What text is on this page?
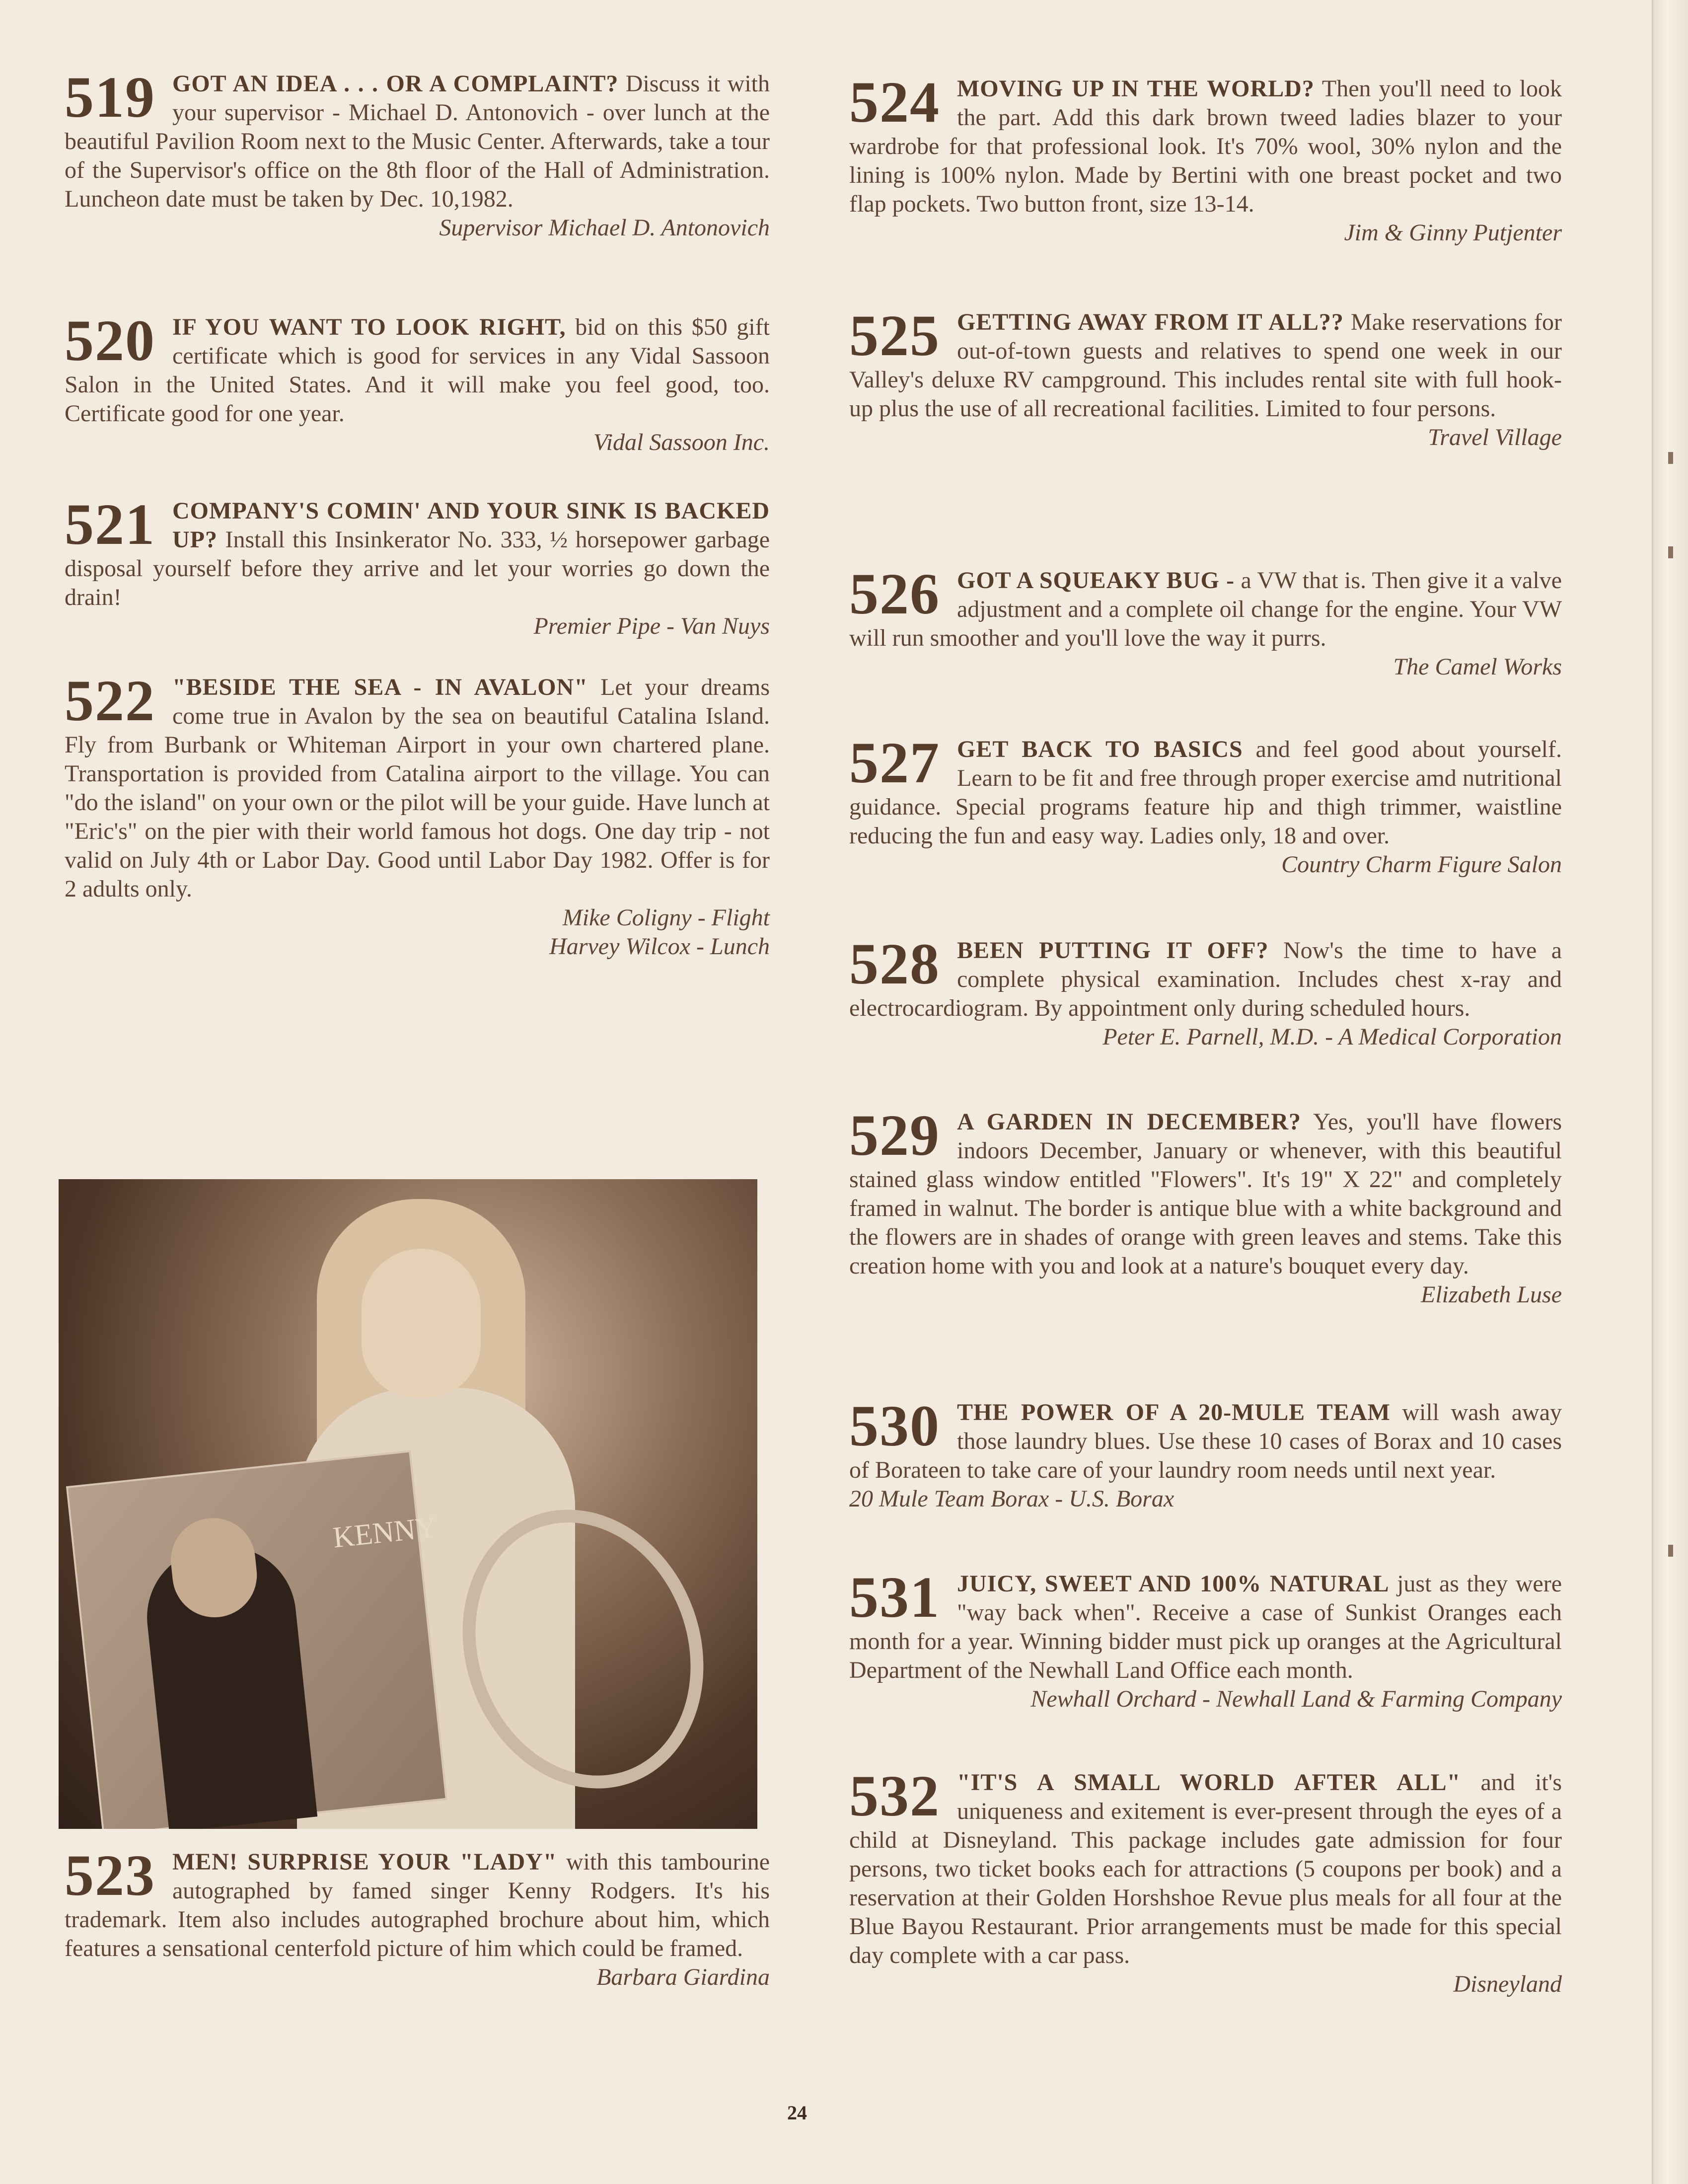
519 GOT AN IDEA . . . OR A COMPLAINT? Discuss it with your supervisor - Michael D. Antonovich - over lunch at the beautiful Pavilion Room next to the Music Center. Afterwards, take a tour of the Supervisor's office on the 8th floor of the Hall of Administration. Luncheon date must be taken by Dec. 10,1982.
Supervisor Michael D. Antonovich
520 IF YOU WANT TO LOOK RIGHT, bid on this $50 gift certificate which is good for services in any Vidal Sassoon Salon in the United States. And it will make you feel good, too. Certificate good for one year.
Vidal Sassoon Inc.
521 COMPANY'S COMIN' AND YOUR SINK IS BACKED UP? Install this Insinkerator No. 333, ½ horsepower garbage disposal yourself before they arrive and let your worries go down the drain!
Premier Pipe - Van Nuys
522 "BESIDE THE SEA - IN AVALON" Let your dreams come true in Avalon by the sea on beautiful Catalina Island. Fly from Burbank or Whiteman Airport in your own chartered plane. Transportation is provided from Catalina airport to the village. You can "do the island" on your own or the pilot will be your guide. Have lunch at "Eric's" on the pier with their world famous hot dogs. One day trip - not valid on July 4th or Labor Day. Good until Labor Day 1982. Offer is for 2 adults only.
Mike Coligny - Flight
Harvey Wilcox - Lunch
KENNY
523 MEN! SURPRISE YOUR "LADY" with this tambourine autographed by famed singer Kenny Rodgers. It's his trademark. Item also includes autographed brochure about him, which features a sensational centerfold picture of him which could be framed.
Barbara Giardina
524 MOVING UP IN THE WORLD? Then you'll need to look the part. Add this dark brown tweed ladies blazer to your wardrobe for that professional look. It's 70% wool, 30% nylon and the lining is 100% nylon. Made by Bertini with one breast pocket and two flap pockets. Two button front, size 13-14.
Jim & Ginny Putjenter
525 GETTING AWAY FROM IT ALL?? Make reservations for out-of-town guests and relatives to spend one week in our Valley's deluxe RV campground. This includes rental site with full hook-up plus the use of all recreational facilities. Limited to four persons.
Travel Village
526 GOT A SQUEAKY BUG - a VW that is. Then give it a valve adjustment and a complete oil change for the engine. Your VW will run smoother and you'll love the way it purrs.
The Camel Works
527 GET BACK TO BASICS and feel good about yourself. Learn to be fit and free through proper exercise amd nutritional guidance. Special programs feature hip and thigh trimmer, waistline reducing the fun and easy way. Ladies only, 18 and over.
Country Charm Figure Salon
528 BEEN PUTTING IT OFF? Now's the time to have a complete physical examination. Includes chest x-ray and electrocardiogram. By appointment only during scheduled hours.
Peter E. Parnell, M.D. - A Medical Corporation
529 A GARDEN IN DECEMBER? Yes, you'll have flowers indoors December, January or whenever, with this beautiful stained glass window entitled "Flowers". It's 19" X 22" and completely framed in walnut. The border is antique blue with a white background and the flowers are in shades of orange with green leaves and stems. Take this creation home with you and look at a nature's bouquet every day.
Elizabeth Luse
530 THE POWER OF A 20-MULE TEAM will wash away those laundry blues. Use these 10 cases of Borax and 10 cases of Borateen to take care of your laundry room needs until next year.
20 Mule Team Borax - U.S. Borax
531 JUICY, SWEET AND 100% NATURAL just as they were "way back when". Receive a case of Sunkist Oranges each month for a year. Winning bidder must pick up oranges at the Agricultural Department of the Newhall Land Office each month.
Newhall Orchard - Newhall Land & Farming Company
532 "IT'S A SMALL WORLD AFTER ALL" and it's uniqueness and exitement is ever-present through the eyes of a child at Disneyland. This package includes gate admission for four persons, two ticket books each for attractions (5 coupons per book) and a reservation at their Golden Horshshoe Revue plus meals for all four at the Blue Bayou Restaurant. Prior arrangements must be made for this special day complete with a car pass.
Disneyland
24
